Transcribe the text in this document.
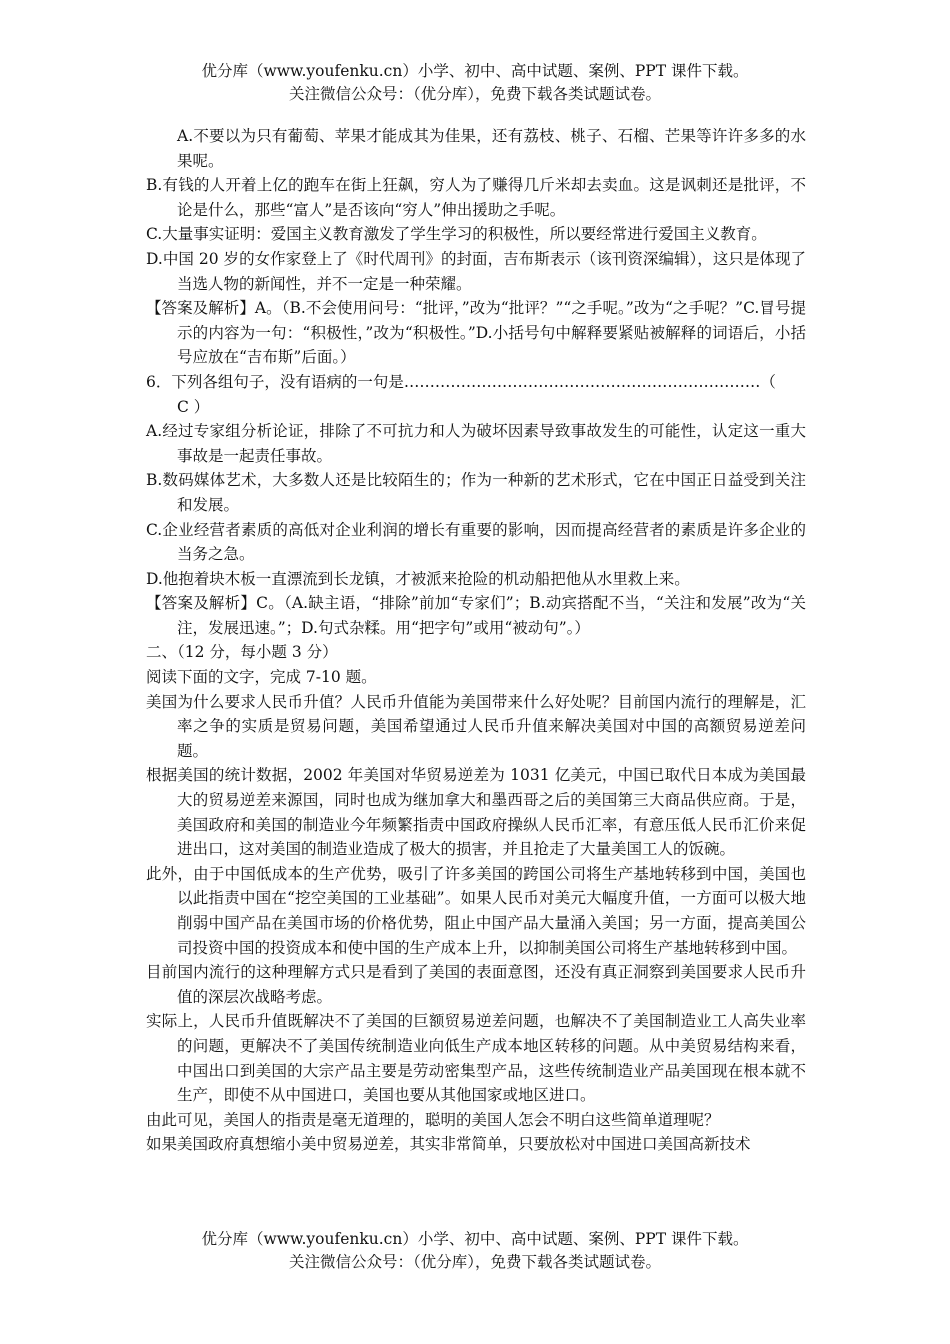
优分库（www.youfenku.cn）小学、初中、高中试题、案例、PPT 课件下载。
关注微信公众号：（优分库），免费下载各类试题试卷。

A.不要以为只有葡萄、苹果才能成其为佳果，还有荔枝、桃子、石榴、芒果等许许多多的水果呢。

B.有钱的人开着上亿的跑车在街上狂飙，穷人为了赚得几斤米却去卖血。这是讽刺还是批评，不论是什么，那些“富人”是否该向“穷人”伸出援助之手呢。

C.大量事实证明：爱国主义教育激发了学生学习的积极性，所以要经常进行爱国主义教育。

D.中国 20 岁的女作家登上了《时代周刊》的封面，吉布斯表示（该刊资深编辑），这只是体现了当选人物的新闻性，并不一定是一种荣耀。

【答案及解析】A。（B.不会使用问号：“批评，”改为“批评？”“之手呢。”改为“之手呢？”C.冒号提示的内容为一句：“积极性，”改为“积极性。”D.小括号句中解释要紧贴被解释的词语后，小括号应放在“吉布斯”后面。）

6．下列各组句子，没有语病的一句是……………………………………………………………（
C ）

A.经过专家组分析论证，排除了不可抗力和人为破坏因素导致事故发生的可能性，认定这一重大事故是一起责任事故。

B.数码媒体艺术，大多数人还是比较陌生的；作为一种新的艺术形式，它在中国正日益受到关注和发展。

C.企业经营者素质的高低对企业利润的增长有重要的影响，因而提高经营者的素质是许多企业的当务之急。

D.他抱着块木板一直漂流到长龙镇，才被派来抢险的机动船把他从水里救上来。

【答案及解析】C。（A.缺主语，“排除”前加“专家们”；B.动宾搭配不当，“关注和发展”改为“关注，发展迅速。”；D.句式杂糅。用“把字句”或用“被动句”。）

二、（12 分，每小题 3 分）

阅读下面的文字，完成 7-10 题。

美国为什么要求人民币升值？人民币升值能为美国带来什么好处呢？目前国内流行的理解是，汇率之争的实质是贸易问题，美国希望通过人民币升值来解决美国对中国的高额贸易逆差问题。

根据美国的统计数据，2002 年美国对华贸易逆差为 1031 亿美元，中国已取代日本成为美国最大的贸易逆差来源国，同时也成为继加拿大和墨西哥之后的美国第三大商品供应商。于是，美国政府和美国的制造业今年频繁指责中国政府操纵人民币汇率，有意压低人民币汇价来促进出口，这对美国的制造业造成了极大的损害，并且抢走了大量美国工人的饭碗。

此外，由于中国低成本的生产优势，吸引了许多美国的跨国公司将生产基地转移到中国，美国也以此指责中国在“挖空美国的工业基础”。如果人民币对美元大幅度升值，一方面可以极大地削弱中国产品在美国市场的价格优势，阻止中国产品大量涌入美国；另一方面，提高美国公司投资中国的投资成本和使中国的生产成本上升，以抑制美国公司将生产基地转移到中国。

目前国内流行的这种理解方式只是看到了美国的表面意图，还没有真正洞察到美国要求人民币升值的深层次战略考虑。

实际上，人民币升值既解决不了美国的巨额贸易逆差问题，也解决不了美国制造业工人高失业率的问题，更解决不了美国传统制造业向低生产成本地区转移的问题。从中美贸易结构来看，中国出口到美国的大宗产品主要是劳动密集型产品，这些传统制造业产品美国现在根本就不生产，即使不从中国进口，美国也要从其他国家或地区进口。

由此可见，美国人的指责是毫无道理的，聪明的美国人怎会不明白这些简单道理呢？

如果美国政府真想缩小美中贸易逆差，其实非常简单，只要放松对中国进口美国高新技术

优分库（www.youfenku.cn）小学、初中、高中试题、案例、PPT 课件下载。
关注微信公众号：（优分库），免费下载各类试题试卷。
